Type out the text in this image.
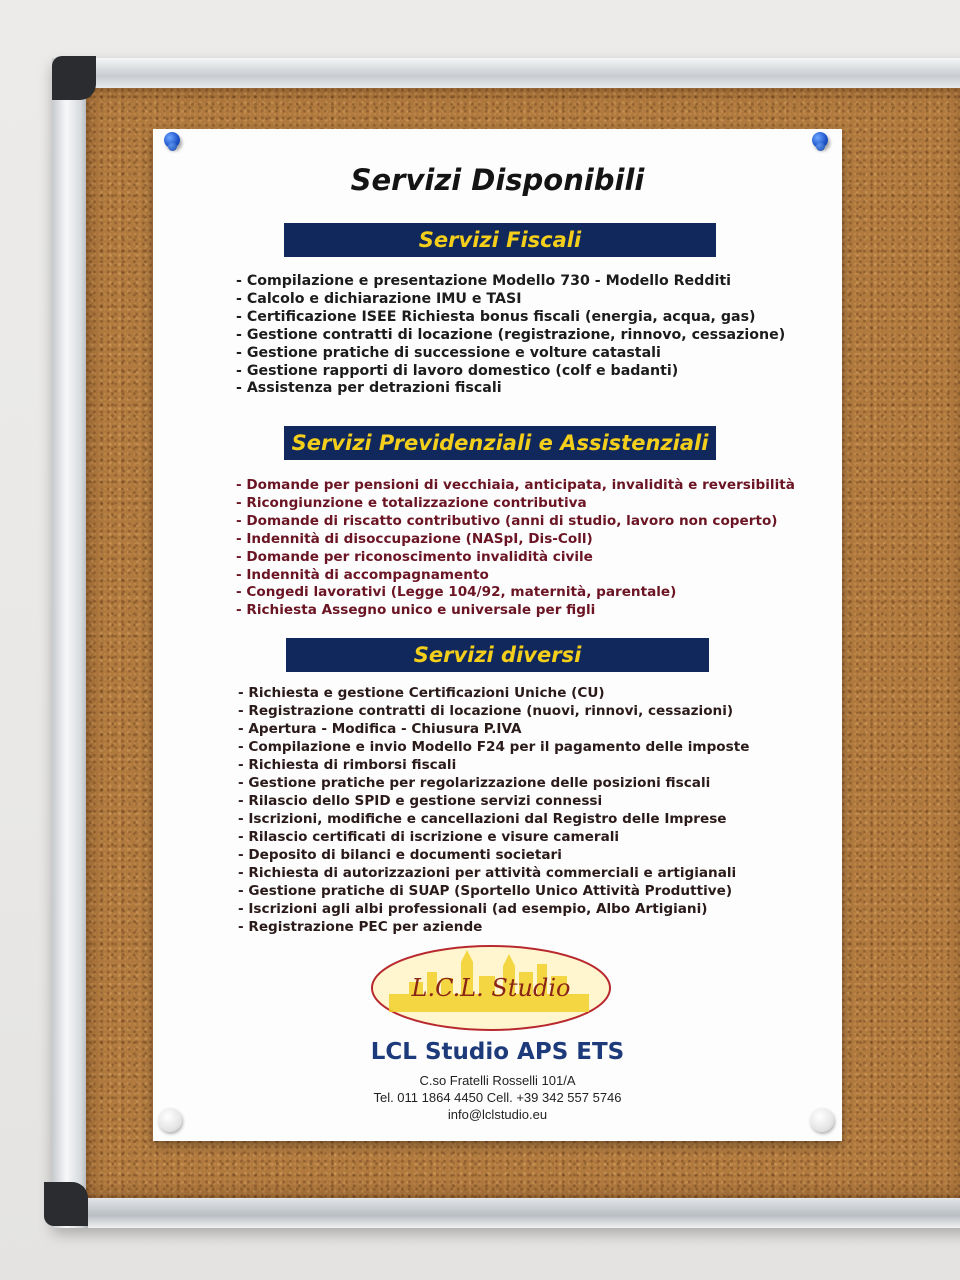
Servizi Disponibili
Servizi Fiscali
- Compilazione e presentazione Modello 730 - Modello Redditi
- Calcolo e dichiarazione IMU e TASI
- Certificazione ISEE Richiesta bonus fiscali (energia, acqua, gas)
- Gestione contratti di locazione (registrazione, rinnovo, cessazione)
- Gestione pratiche di successione e volture catastali
- Gestione rapporti di lavoro domestico (colf e badanti)
- Assistenza per detrazioni fiscali
Servizi Previdenziali e Assistenziali
- Domande per pensioni di vecchiaia, anticipata, invalidità e reversibilità
- Ricongiunzione e totalizzazione contributiva
- Domande di riscatto contributivo (anni di studio, lavoro non coperto)
- Indennità di disoccupazione (NASpI, Dis-Coll)
- Domande per riconoscimento invalidità civile
- Indennità di accompagnamento
- Congedi lavorativi (Legge 104/92, maternità, parentale)
- Richiesta Assegno unico e universale per figli
Servizi diversi
- Richiesta e gestione Certificazioni Uniche (CU)
- Registrazione contratti di locazione (nuovi, rinnovi, cessazioni)
- Apertura - Modifica - Chiusura P.IVA
- Compilazione e invio Modello F24 per il pagamento delle imposte
- Richiesta di rimborsi fiscali
- Gestione pratiche per regolarizzazione delle posizioni fiscali
- Rilascio dello SPID e gestione servizi connessi
- Iscrizioni, modifiche e cancellazioni dal Registro delle Imprese
- Rilascio certificati di iscrizione e visure camerali
- Deposito di bilanci e documenti societari
- Richiesta di autorizzazioni per attività commerciali e artigianali
- Gestione pratiche di SUAP (Sportello Unico Attività Produttive)
- Iscrizioni agli albi professionali (ad esempio, Albo Artigiani)
- Registrazione PEC per aziende
L.C.L. Studio
LCL Studio APS ETS
C.so Fratelli Rosselli 101/A
Tel. 011 1864 4450 Cell. +39 342 557 5746
info@lclstudio.eu
